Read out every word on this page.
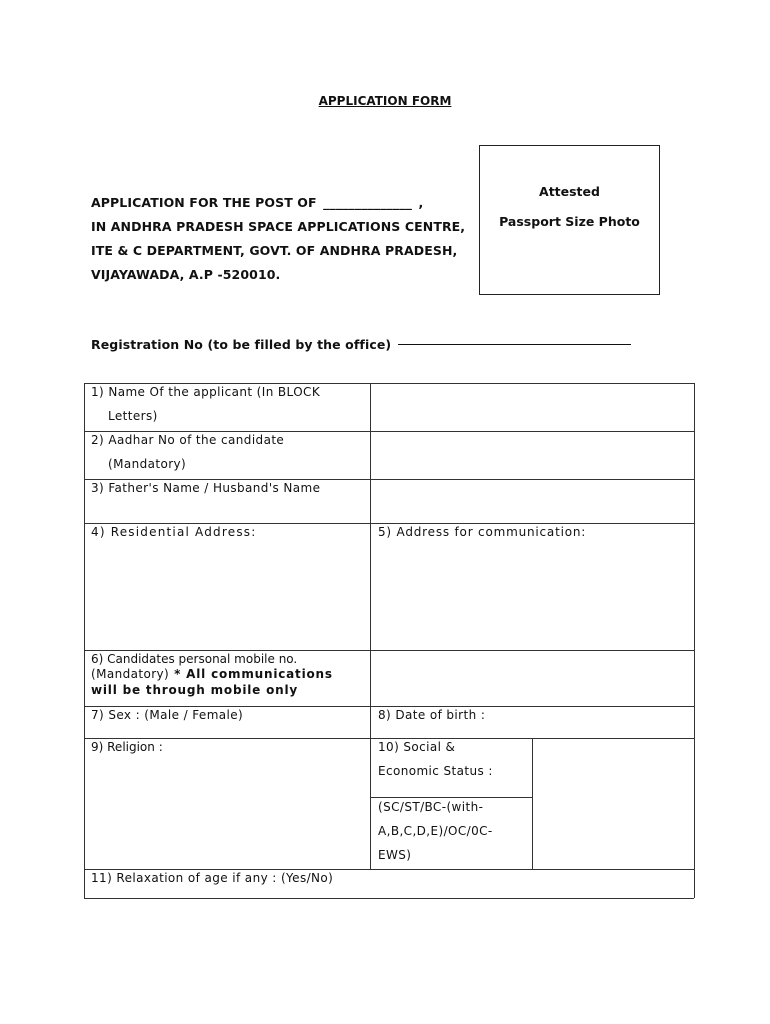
APPLICATION FORM
APPLICATION FOR THE POST OF ______________ ,
IN ANDHRA PRADESH SPACE APPLICATIONS CENTRE,
ITE & C DEPARTMENT, GOVT. OF ANDHRA PRADESH,
VIJAYAWADA, A.P -520010.
Attested
Passport Size Photo
Registration No (to be filled by the office)
1) Name Of the applicant (In BLOCK
Letters)
2) Aadhar No of the candidate
(Mandatory)
3) Father's Name / Husband's Name
4) Residential Address:	5) Address for communication:
6) Candidates personal mobile no.
(Mandatory) * All communications
will be through mobile only
7) Sex : (Male / Female)	8) Date of birth :
9) Religion :	10) Social &
Economic Status :
(SC/ST/BC-(with-
A,B,C,D,E)/OC/0C-
EWS)
11) Relaxation of age if any : (Yes/No)
